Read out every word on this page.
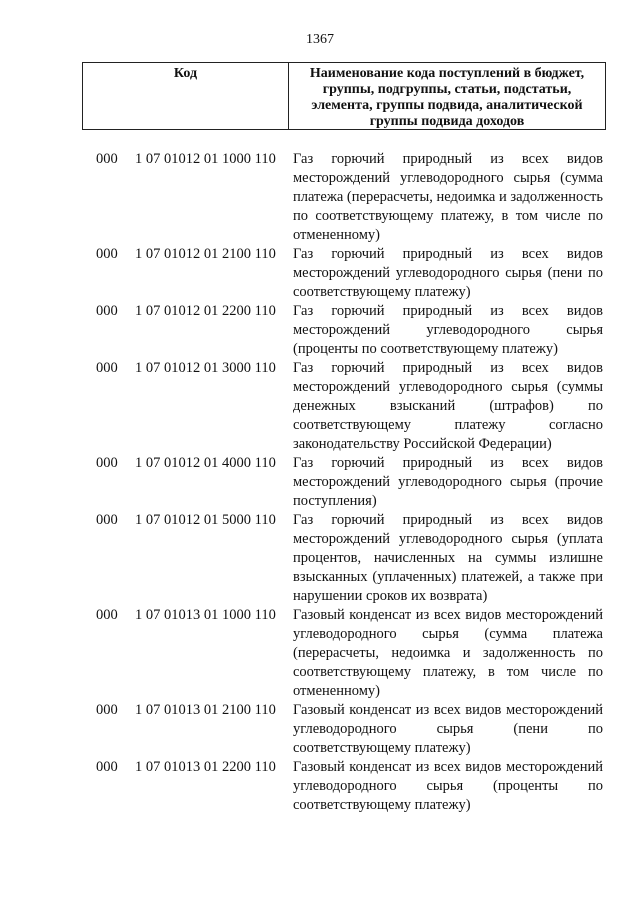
1367
Код	Наименование кода поступлений в бюджет, группы, подгруппы, статьи, подстатьи, элемента, группы подвида, аналитической группы подвида доходов
000 1 07 01012 01 1000 110 Газ горючий природный из всех видов месторождений углеводородного сырья (сумма платежа (перерасчеты, недоимка и задолженность по соответствующему платежу, в том числе по отмененному)
000 1 07 01012 01 2100 110 Газ горючий природный из всех видов месторождений углеводородного сырья (пени по соответствующему платежу)
000 1 07 01012 01 2200 110 Газ горючий природный из всех видов месторождений углеводородного сырья (проценты по соответствующему платежу)
000 1 07 01012 01 3000 110 Газ горючий природный из всех видов месторождений углеводородного сырья (суммы денежных взысканий (штрафов) по соответствующему платежу согласно законодательству Российской Федерации)
000 1 07 01012 01 4000 110 Газ горючий природный из всех видов месторождений углеводородного сырья (прочие поступления)
000 1 07 01012 01 5000 110 Газ горючий природный из всех видов месторождений углеводородного сырья (уплата процентов, начисленных на суммы излишне взысканных (уплаченных) платежей, а также при нарушении сроков их возврата)
000 1 07 01013 01 1000 110 Газовый конденсат из всех видов месторождений углеводородного сырья (сумма платежа (перерасчеты, недоимка и задолженность по соответствующему платежу, в том числе по отмененному)
000 1 07 01013 01 2100 110 Газовый конденсат из всех видов месторождений углеводородного сырья (пени по соответствующему платежу)
000 1 07 01013 01 2200 110 Газовый конденсат из всех видов месторождений углеводородного сырья (проценты по соответствующему платежу)
